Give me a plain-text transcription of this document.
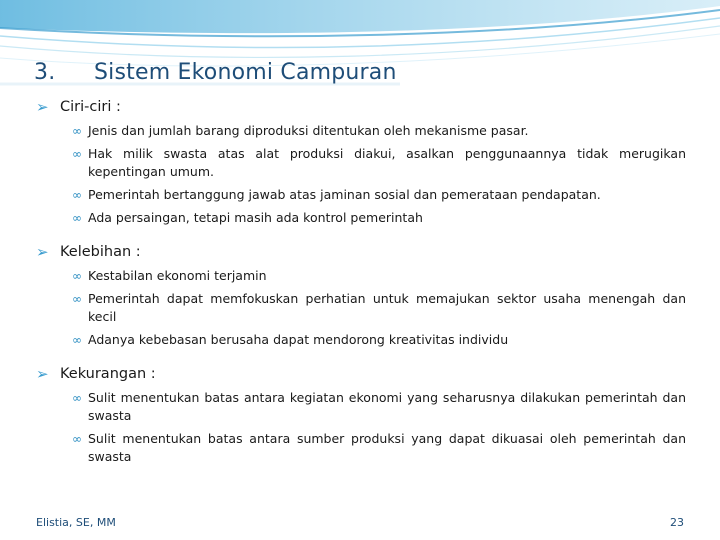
3. Sistem Ekonomi Campuran
➢ Ciri-ciri :
∞ Jenis dan jumlah barang diproduksi ditentukan oleh mekanisme pasar.
∞ Hak milik swasta atas alat produksi diakui, asalkan penggunaannya tidak merugikan kepentingan umum.
∞ Pemerintah bertanggung jawab atas jaminan sosial dan pemerataan pendapatan.
∞ Ada persaingan, tetapi masih ada kontrol pemerintah
➢ Kelebihan :
∞ Kestabilan ekonomi terjamin
∞ Pemerintah dapat memfokuskan perhatian untuk memajukan sektor usaha menengah dan kecil
∞ Adanya kebebasan berusaha dapat mendorong kreativitas individu
➢ Kekurangan :
∞ Sulit menentukan batas antara kegiatan ekonomi yang seharusnya dilakukan pemerintah dan swasta
∞ Sulit menentukan batas antara sumber produksi yang dapat dikuasai oleh pemerintah dan swasta
Elistia, SE, MM	23
